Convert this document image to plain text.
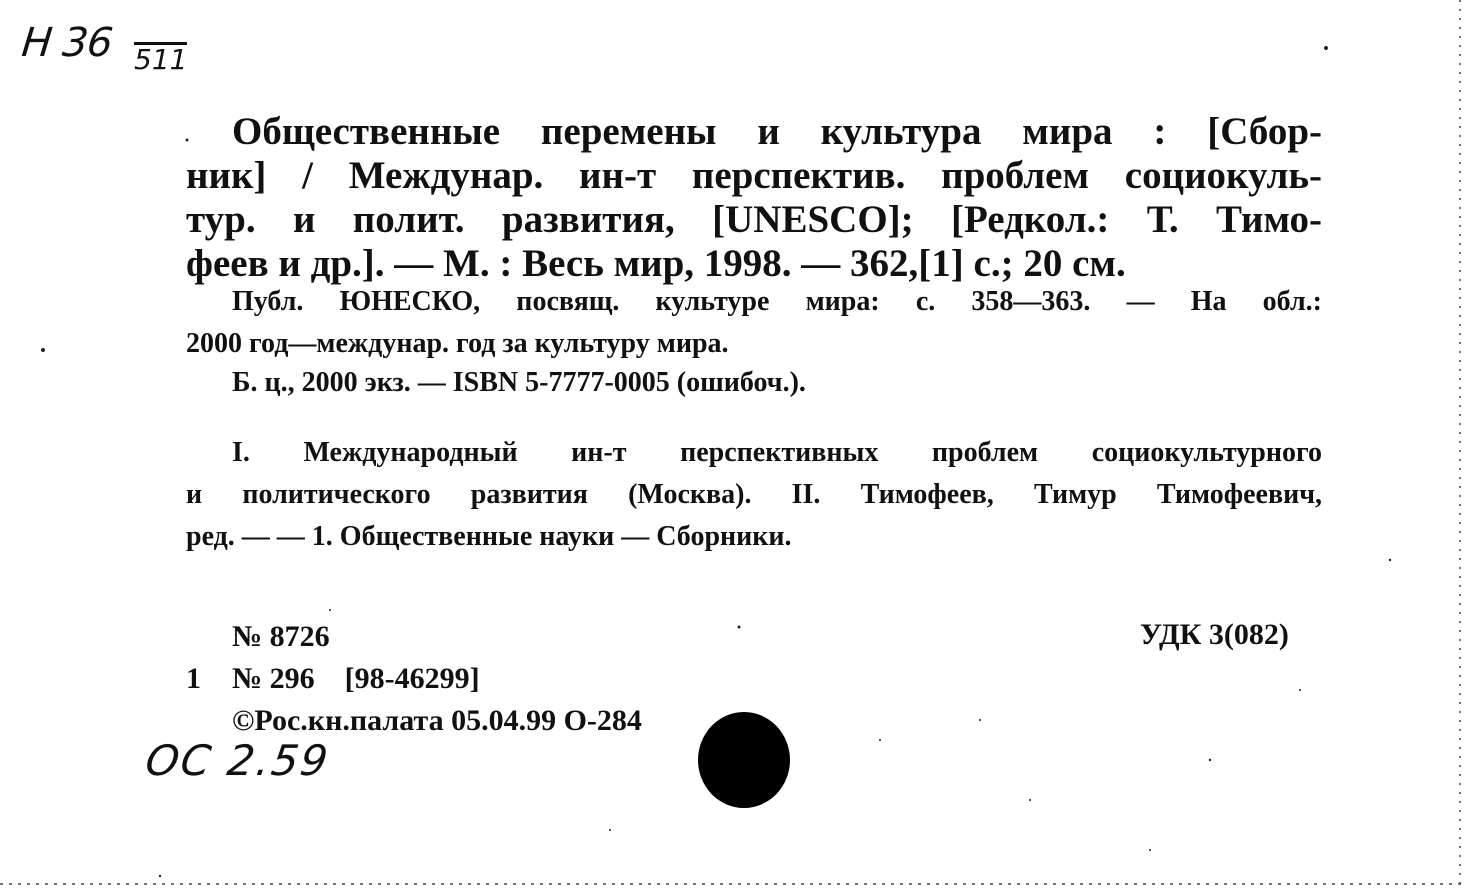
Н 36 511
Общественные перемены и культура мира : [Сбор-
ник] / Междунар. ин-т перспектив. проблем социокуль-
тур. и полит. развития, [UNESCO]; [Редкол.: Т. Тимо-
феев и др.]. — М. : Весь мир, 1998. — 362,[1] с.; 20 см.
Публ. ЮНЕСКО, посвящ. культуре мира: с. 358—363. — На обл.:
2000 год—междунар. год за культуру мира.
Б. ц., 2000 экз. — ISBN 5-7777-0005 (ошибоч.).
I. Международный ин-т перспективных проблем социокультурного
и политического развития (Москва). II. Тимофеев, Тимур Тимофеевич,
ред. — — 1. Общественные науки — Сборники.
№ 8726
1 № 296 [98-46299]
©Рос.кн.палата 05.04.99 О-284
УДК 3(082)
ОС 2.59
